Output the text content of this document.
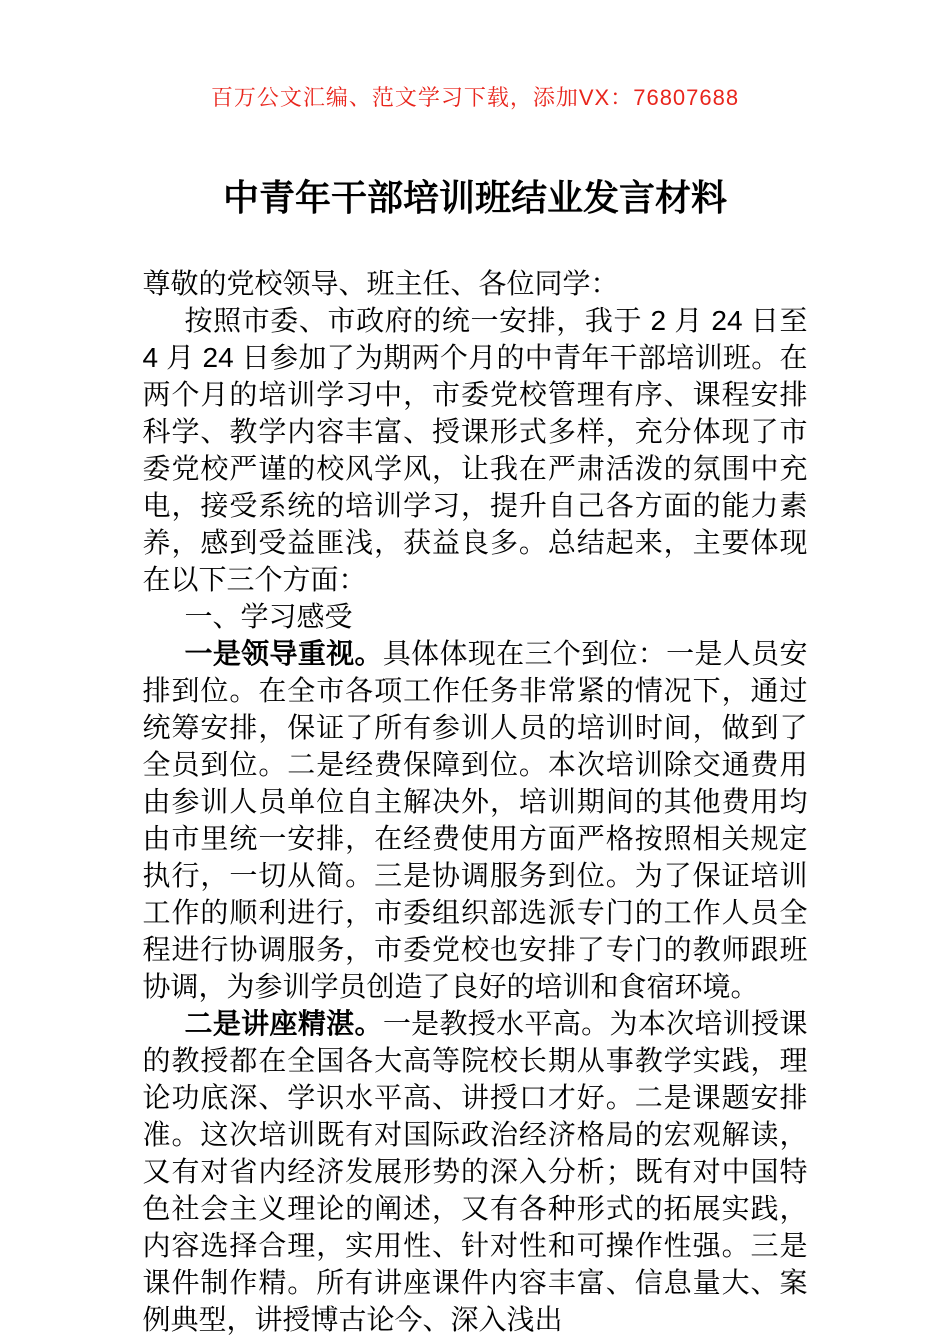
百万公文汇编、范文学习下载，添加VX：76807688
中青年干部培训班结业发言材料

尊敬的党校领导、班主任、各位同学：

按照市委、市政府的统一安排，我于 2 月 24 日至 4 月 24 日参加了为期两个月的中青年干部培训班。在两个月的培训学习中，市委党校管理有序、课程安排科学、教学内容丰富、授课形式多样，充分体现了市委党校严谨的校风学风，让我在严肃活泼的氛围中充电，接受系统的培训学习，提升自己各方面的能力素养，感到受益匪浅，获益良多。总结起来，主要体现在以下三个方面：

一、学习感受

一是领导重视。具体体现在三个到位：一是人员安排到位。在全市各项工作任务非常紧的情况下，通过统筹安排，保证了所有参训人员的培训时间，做到了全员到位。二是经费保障到位。本次培训除交通费用由参训人员单位自主解决外，培训期间的其他费用均由市里统一安排，在经费使用方面严格按照相关规定执行，一切从简。三是协调服务到位。为了保证培训工作的顺利进行，市委组织部选派专门的工作人员全程进行协调服务，市委党校也安排了专门的教师跟班协调，为参训学员创造了良好的培训和食宿环境。

二是讲座精湛。一是教授水平高。为本次培训授课的教授都在全国各大高等院校长期从事教学实践，理论功底深、学识水平高、讲授口才好。二是课题安排准。这次培训既有对国际政治经济格局的宏观解读，又有对省内经济发展形势的深入分析；既有对中国特色社会主义理论的阐述，又有各种形式的拓展实践，内容选择合理，实用性、针对性和可操作性强。三是课件制作精。所有讲座课件内容丰富、信息量大、案例典型，讲授博古论今、深入浅出
